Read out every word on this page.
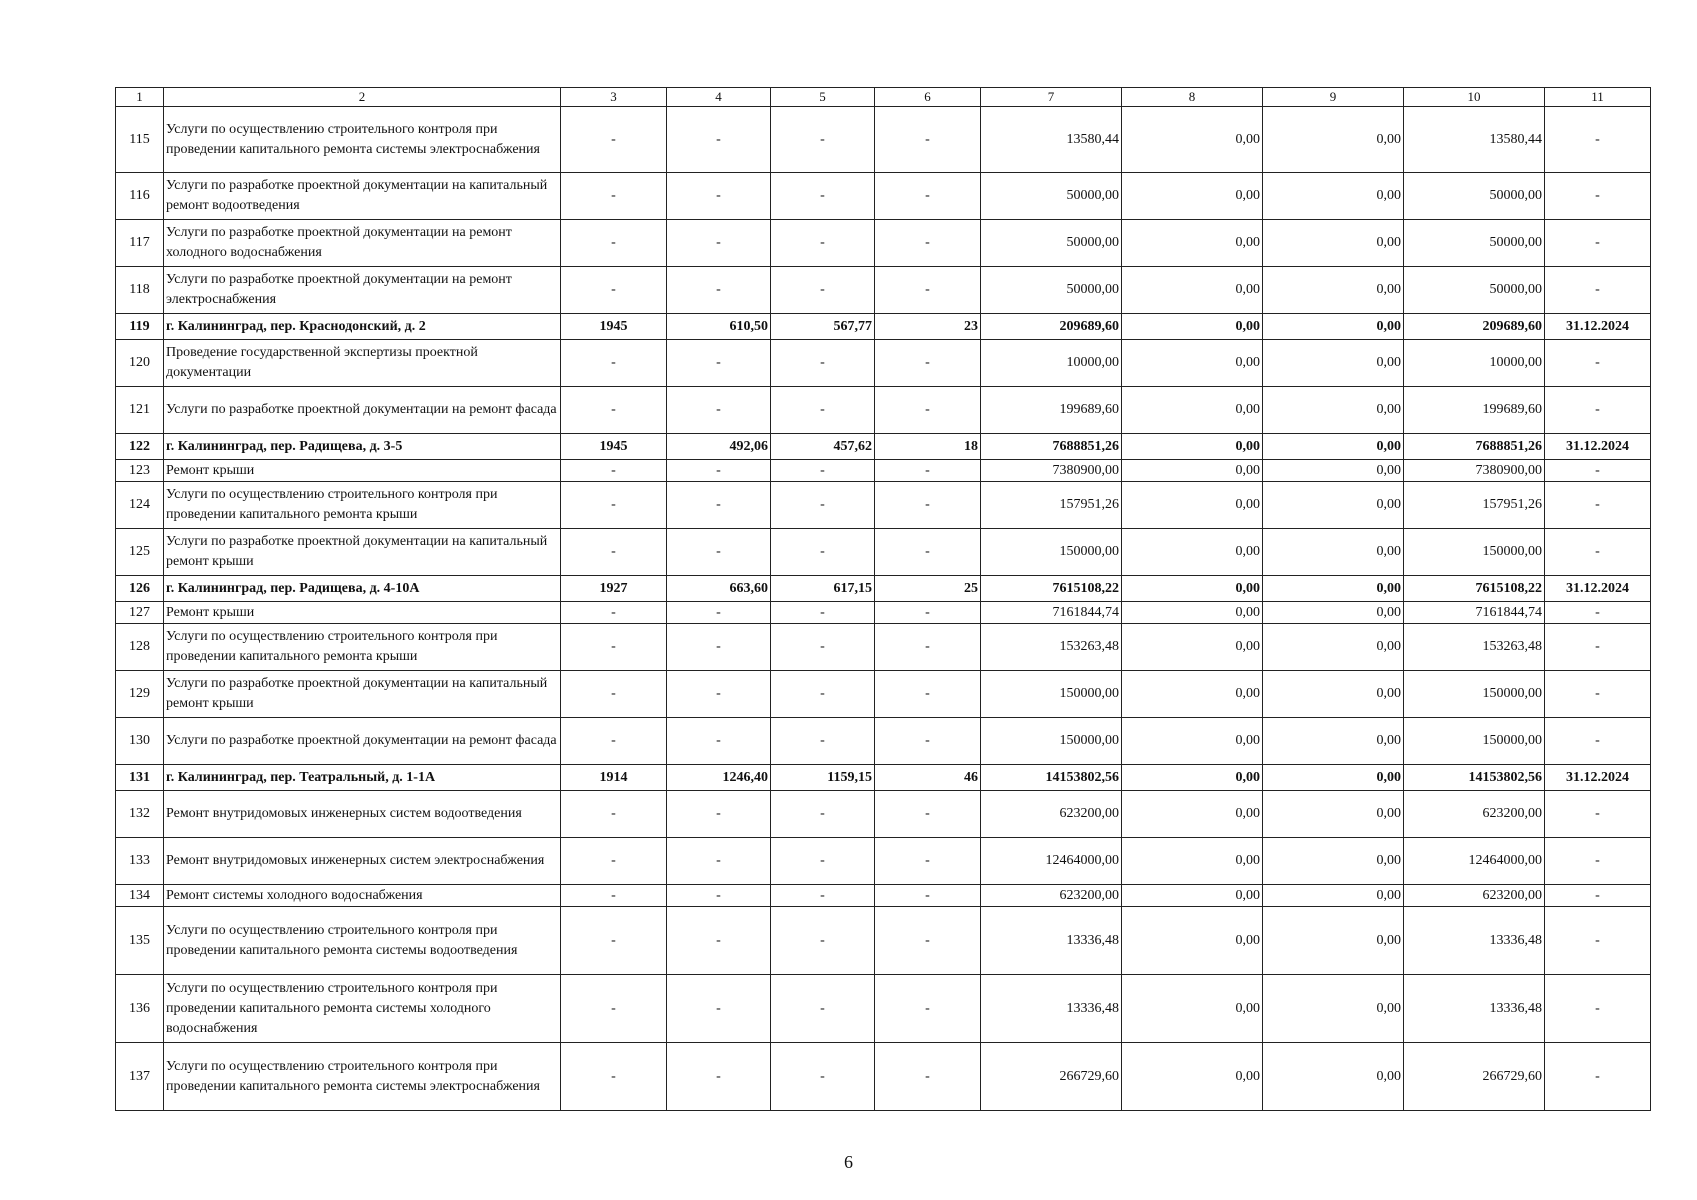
1	2	3	4	5	6	7	8	9	10	11
115	Услуги по осуществлению строительного контроля при проведении капитального ремонта системы электроснабжения	-	-	-	-	13580,44	0,00	0,00	13580,44	-
116	Услуги по разработке проектной документации на капитальный ремонт водоотведения	-	-	-	-	50000,00	0,00	0,00	50000,00	-
117	Услуги по разработке проектной документации на ремонт холодного водоснабжения	-	-	-	-	50000,00	0,00	0,00	50000,00	-
118	Услуги по разработке проектной документации на ремонт электроснабжения	-	-	-	-	50000,00	0,00	0,00	50000,00	-
119	г. Калининград, пер. Краснодонский, д. 2	1945	610,50	567,77	23	209689,60	0,00	0,00	209689,60	31.12.2024
120	Проведение государственной экспертизы проектной документации	-	-	-	-	10000,00	0,00	0,00	10000,00	-
121	Услуги по разработке проектной документации на ремонт фасада	-	-	-	-	199689,60	0,00	0,00	199689,60	-
122	г. Калининград, пер. Радищева, д. 3-5	1945	492,06	457,62	18	7688851,26	0,00	0,00	7688851,26	31.12.2024
123	Ремонт крыши	-	-	-	-	7380900,00	0,00	0,00	7380900,00	-
124	Услуги по осуществлению строительного контроля при проведении капитального ремонта крыши	-	-	-	-	157951,26	0,00	0,00	157951,26	-
125	Услуги по разработке проектной документации на капитальный ремонт крыши	-	-	-	-	150000,00	0,00	0,00	150000,00	-
126	г. Калининград, пер. Радищева, д. 4-10А	1927	663,60	617,15	25	7615108,22	0,00	0,00	7615108,22	31.12.2024
127	Ремонт крыши	-	-	-	-	7161844,74	0,00	0,00	7161844,74	-
128	Услуги по осуществлению строительного контроля при проведении капитального ремонта крыши	-	-	-	-	153263,48	0,00	0,00	153263,48	-
129	Услуги по разработке проектной документации на капитальный ремонт крыши	-	-	-	-	150000,00	0,00	0,00	150000,00	-
130	Услуги по разработке проектной документации на ремонт фасада	-	-	-	-	150000,00	0,00	0,00	150000,00	-
131	г. Калининград, пер. Театральный, д. 1-1А	1914	1246,40	1159,15	46	14153802,56	0,00	0,00	14153802,56	31.12.2024
132	Ремонт внутридомовых инженерных систем водоотведения	-	-	-	-	623200,00	0,00	0,00	623200,00	-
133	Ремонт внутридомовых инженерных систем электроснабжения	-	-	-	-	12464000,00	0,00	0,00	12464000,00	-
134	Ремонт системы холодного водоснабжения	-	-	-	-	623200,00	0,00	0,00	623200,00	-
135	Услуги по осуществлению строительного контроля при проведении капитального ремонта системы водоотведения	-	-	-	-	13336,48	0,00	0,00	13336,48	-
136	Услуги по осуществлению строительного контроля при проведении капитального ремонта системы холодного водоснабжения	-	-	-	-	13336,48	0,00	0,00	13336,48	-
137	Услуги по осуществлению строительного контроля при проведении капитального ремонта системы электроснабжения	-	-	-	-	266729,60	0,00	0,00	266729,60	-
6
